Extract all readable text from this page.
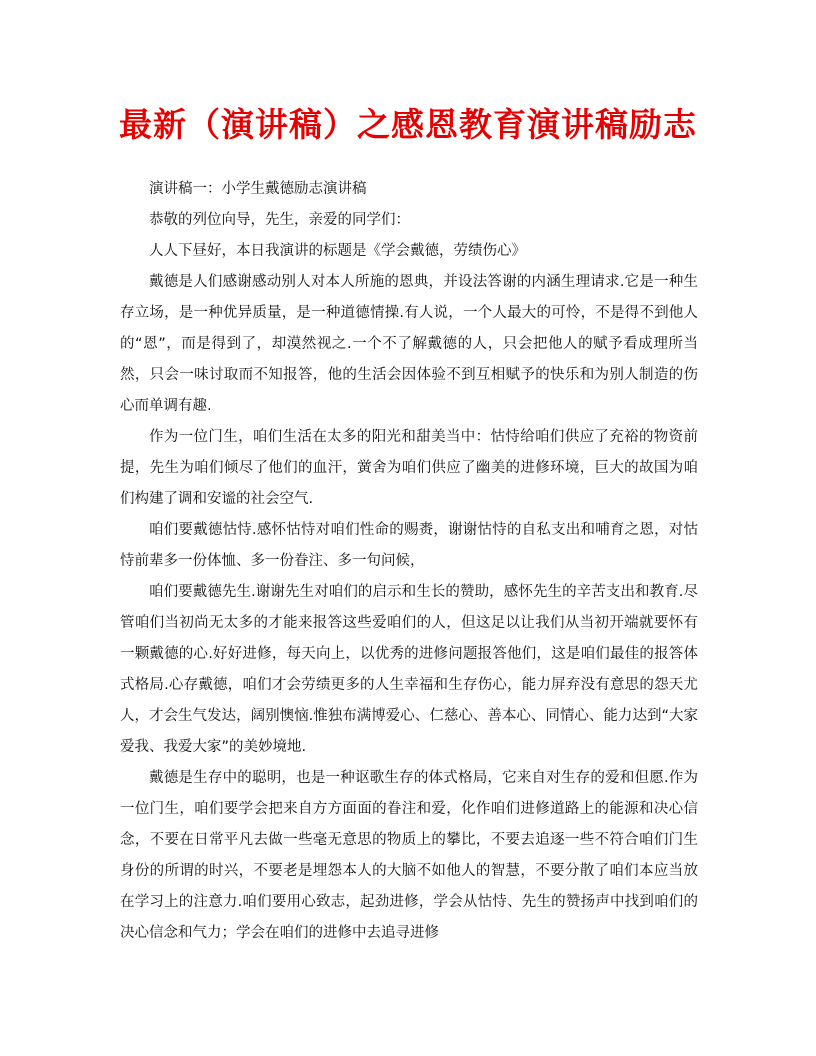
最新（演讲稿）之感恩教育演讲稿励志

演讲稿一：小学生戴德励志演讲稿

恭敬的列位向导，先生，亲爱的同学们：

人人下昼好，本日我演讲的标题是《学会戴德，劳绩伤心》

戴德是人们感谢感动别人对本人所施的恩典，并设法答谢的内涵生理请求.它是一种生存立场，是一种优异质量，是一种道德情操.有人说，一个人最大的可怜，不是得不到他人的“恩”，而是得到了，却漠然视之.一个不了解戴德的人，只会把他人的赋予看成理所当然，只会一味讨取而不知报答，他的生活会因体验不到互相赋予的快乐和为别人制造的伤心而单调有趣.

作为一位门生，咱们生活在太多的阳光和甜美当中：怙恃给咱们供应了充裕的物资前提，先生为咱们倾尽了他们的血汗，黉舍为咱们供应了幽美的进修环境，巨大的故国为咱们构建了调和安谧的社会空气.

咱们要戴德怙恃.感怀怙恃对咱们性命的赐赉，谢谢怙恃的自私支出和哺育之恩，对怙恃前辈多一份体恤、多一份眷注、多一句问候，

咱们要戴德先生.谢谢先生对咱们的启示和生长的赞助，感怀先生的辛苦支出和教育.尽管咱们当初尚无太多的才能来报答这些爱咱们的人，但这足以让我们从当初开端就要怀有一颗戴德的心.好好进修，每天向上，以优秀的进修问题报答他们，这是咱们最佳的报答体式格局.心存戴德，咱们才会劳绩更多的人生幸福和生存伤心，能力屏弃没有意思的怨天尤人，才会生气发达，阔别懊恼.惟独布满博爱心、仁慈心、善本心、同情心、能力达到“大家爱我、我爱大家”的美妙境地.

戴德是生存中的聪明，也是一种讴歌生存的体式格局，它来自对生存的爱和但愿.作为一位门生，咱们要学会把来自方方面面的眷注和爱，化作咱们进修道路上的能源和决心信念，不要在日常平凡去做一些毫无意思的物质上的攀比，不要去追逐一些不符合咱们门生身份的所谓的时兴，不要老是埋怨本人的大脑不如他人的智慧，不要分散了咱们本应当放在学习上的注意力.咱们要用心致志，起劲进修，学会从怙恃、先生的赞扬声中找到咱们的决心信念和气力；学会在咱们的进修中去追寻进修
